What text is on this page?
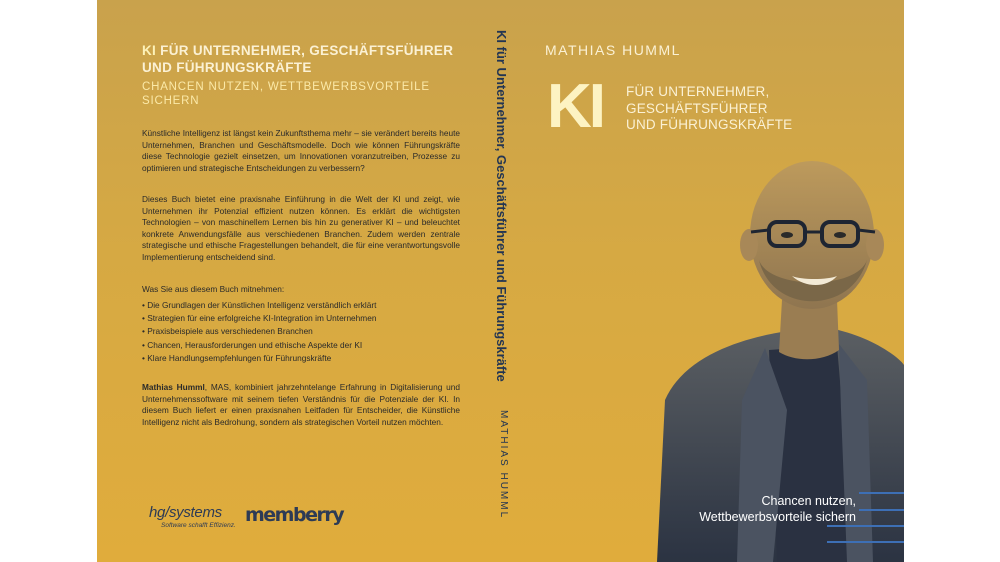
KI FÜR UNTERNEHMER, GESCHÄFTSFÜHRER UND FÜHRUNGSKRÄFTE
CHANCEN NUTZEN, WETTBEWERBSVORTEILE SICHERN
Künstliche Intelligenz ist längst kein Zukunftsthema mehr – sie verändert bereits heute Unternehmen, Branchen und Geschäftsmodelle. Doch wie können Führungskräfte diese Technologie gezielt einsetzen, um Innovationen voranzutreiben, Prozesse zu optimieren und strategische Entscheidungen zu verbessern?
Dieses Buch bietet eine praxisnahe Einführung in die Welt der KI und zeigt, wie Unternehmen ihr Potenzial effizient nutzen können. Es erklärt die wichtigsten Technologien – von maschinellem Lernen bis hin zu generativer KI – und beleuchtet konkrete Anwendungsfälle aus verschiedenen Branchen. Zudem werden zentrale strategische und ethische Fragestellungen behandelt, die für eine verantwortungsvolle Implementierung entscheidend sind.
Was Sie aus diesem Buch mitnehmen:
• Die Grundlagen der Künstlichen Intelligenz verständlich erklärt
• Strategien für eine erfolgreiche KI-Integration im Unternehmen
• Praxisbeispiele aus verschiedenen Branchen
• Chancen, Herausforderungen und ethische Aspekte der KI
• Klare Handlungsempfehlungen für Führungskräfte
Mathias Humml, MAS, kombiniert jahrzehntelange Erfahrung in Digitalisierung und Unternehmenssoftware mit seinem tiefen Verständnis für die Potenziale der KI. In diesem Buch liefert er einen praxisnahen Leitfaden für Entscheider, die Künstliche Intelligenz nicht als Bedrohung, sondern als strategischen Vorteil nutzen möchten.
hg/systems
Software schafft Effizienz. memberry
KI für Unternehmer, Geschäftsführer und Führungskräfte
MATHIAS HUMML
MATHIAS HUMML
KI FÜR UNTERNEHMER,
GESCHÄFTSFÜHRER
UND FÜHRUNGSKRÄFTE
Chancen nutzen,
Wettbewerbsvorteile sichern
